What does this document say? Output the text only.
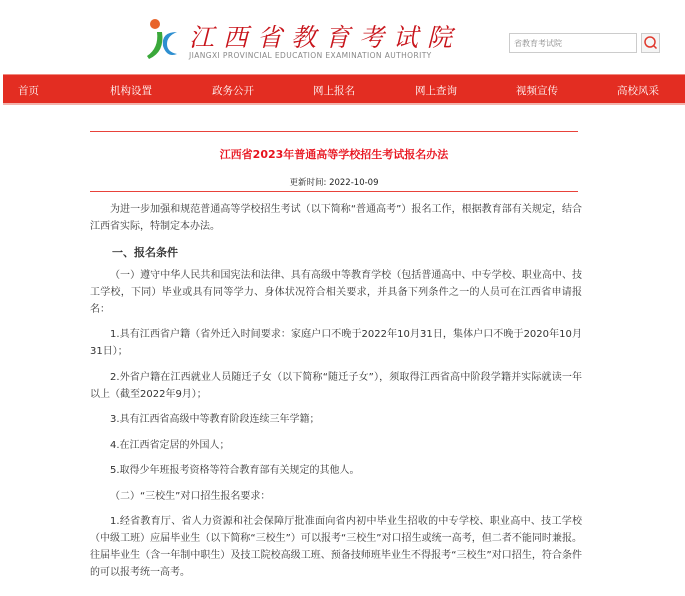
江西省教育考试院
JIANGXI PROVINCIAL EDUCATION EXAMINATION AUTHORITY
省教育考试院
首页	机构设置	政务公开	网上报名	网上查询	视频宣传	高校风采
江西省2023年普通高等学校招生考试报名办法
更新时间: 2022-10-09

为进一步加强和规范普通高等学校招生考试（以下简称“普通高考”）报名工作，根据教育部有关规定，结合江西省实际，特制定本办法。

一、报名条件

（一）遵守中华人民共和国宪法和法律、具有高级中等教育学校（包括普通高中、中专学校、职业高中、技工学校，下同）毕业或具有同等学力、身体状况符合相关要求，并具备下列条件之一的人员可在江西省申请报名：

1.具有江西省户籍（省外迁入时间要求：家庭户口不晚于2022年10月31日，集体户口不晚于2020年10月31日）；

2.外省户籍在江西就业人员随迁子女（以下简称“随迁子女”），须取得江西省高中阶段学籍并实际就读一年以上（截至2022年9月）；

3.具有江西省高级中等教育阶段连续三年学籍；

4.在江西省定居的外国人；

5.取得少年班报考资格等符合教育部有关规定的其他人。

（二）“三校生”对口招生报名要求：

1.经省教育厅、省人力资源和社会保障厅批准面向省内初中毕业生招收的中专学校、职业高中、技工学校（中级工班）应届毕业生（以下简称“三校生”）可以报考“三校生”对口招生或统一高考，但二者不能同时兼报。往届毕业生（含一年制中职生）及技工院校高级工班、预备技师班毕业生不得报考“三校生”对口招生，符合条件的可以报考统一高考。
